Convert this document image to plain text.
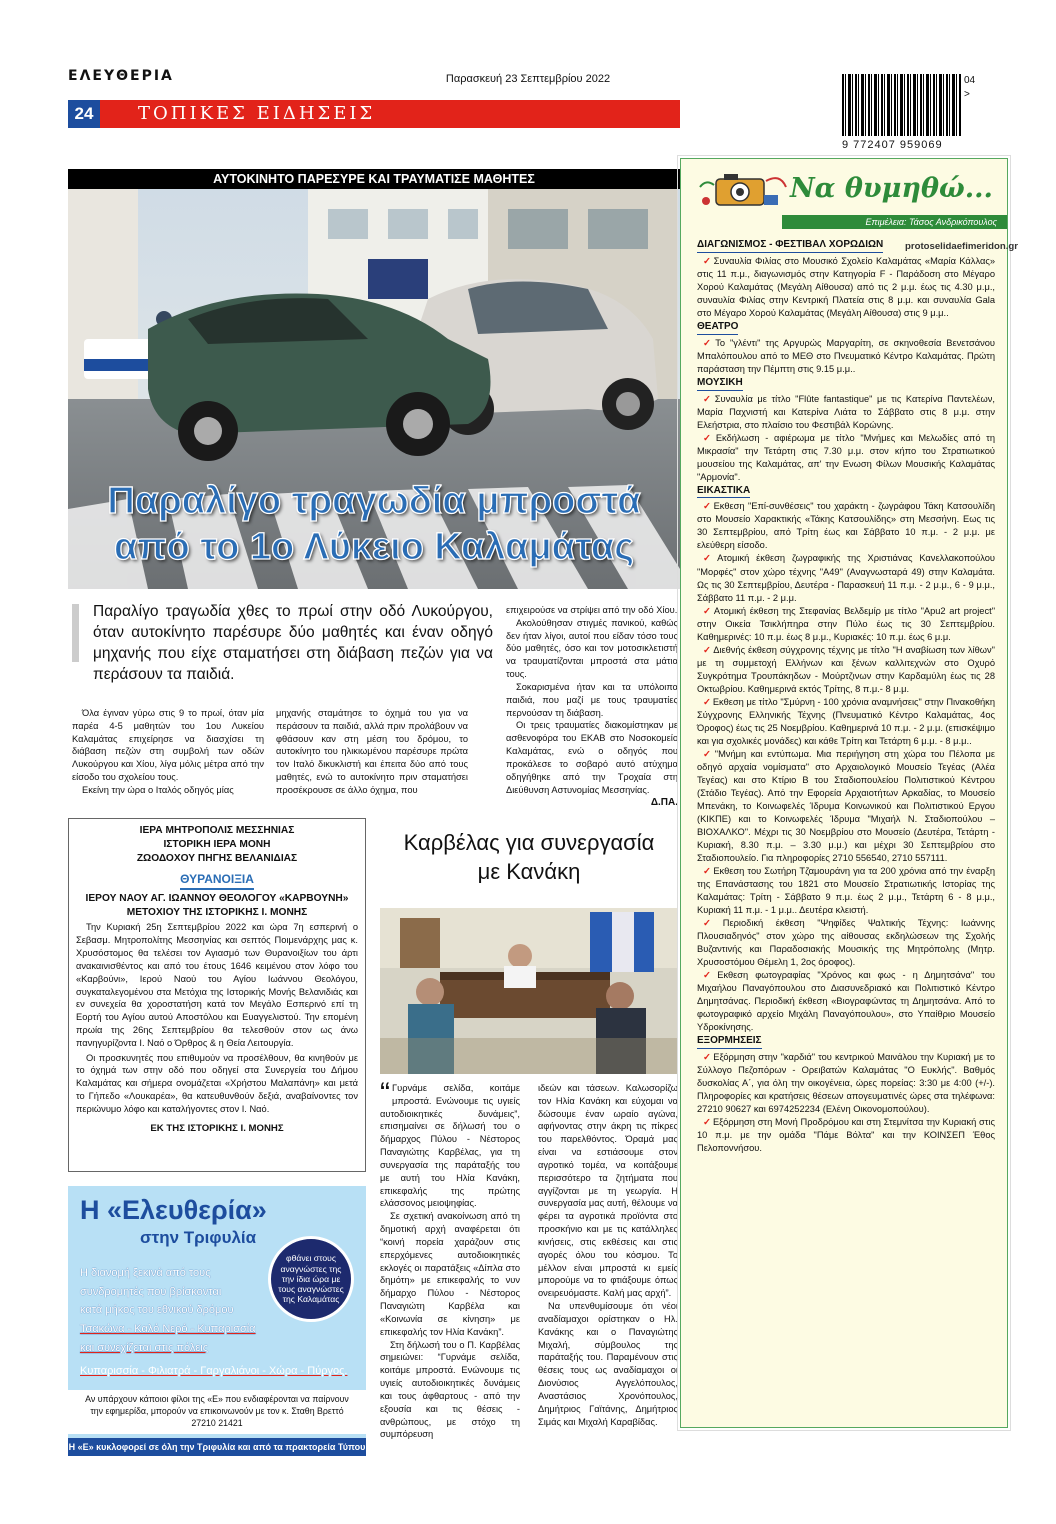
ΕΛΕΥΘΕΡΙΑ	Παρασκευή 23 Σεπτεμβρίου 2022	04 >
9 772407 959069
24	ΤΟΠΙΚΕΣ ΕΙΔΗΣΕΙΣ
ΑΥΤΟΚΙΝΗΤΟ ΠΑΡΕΣΥΡΕ ΚΑΙ ΤΡΑΥΜΑΤΙΣΕ ΜΑΘΗΤΕΣ
Παραλίγο τραγωδία μπροστά
από το 1ο Λύκειο Καλαμάτας
Παραλίγο τραγωδία χθες το πρωί στην οδό Λυκούργου, όταν αυτοκίνητο παρέσυρε δύο μαθητές και έναν οδηγό μηχανής που είχε σταματήσει στη διάβαση πεζών για να περάσουν τα παιδιά.

επιχειρούσε να στρίψει από την οδό Χίου.

Ακολούθησαν στιγμές πανικού, καθώς δεν ήταν λίγοι, αυτοί που είδαν τόσο τους δύο μαθητές, όσο και τον μοτοσικλετιστή να τραυματίζονται μπροστά στα μάτια τους.

Σοκαρισμένα ήταν και τα υπόλοιπα παιδιά, που μαζί με τους τραυματίες περνούσαν τη διάβαση.

Οι τρεις τραυματίες διακομίστηκαν με ασθενοφόρα του ΕΚΑΒ στο Νοσοκομείο Καλαμάτας, ενώ ο οδηγός που προκάλεσε το σοβαρό αυτό ατύχημα οδηγήθηκε από την Τροχαία στη Διεύθυνση Αστυνομίας Μεσσηνίας.

Δ.ΠΑ.

Όλα έγιναν γύρω στις 9 το πρωί, όταν μία παρέα 4-5 μαθητών του 1ου Λυκείου Καλαμάτας επιχείρησε να διασχίσει τη διάβαση πεζών στη συμβολή των οδών Λυκούργου και Χίου, λίγα μόλις μέτρα από την είσοδο του σχολείου τους.

Εκείνη την ώρα ο Ιταλός οδηγός μίας

μηχανής σταμάτησε το όχημά του για να περάσουν τα παιδιά, αλλά πριν προλάβουν να φθάσουν καν στη μέση του δρόμου, το αυτοκίνητο του ηλικιωμένου παρέσυρε πρώτα τον Ιταλό δικυκλιστή και έπειτα δύο από τους μαθητές, ενώ το αυτοκίνητο πριν σταματήσει προσέκρουσε σε άλλο όχημα, που

ΙΕΡΑ ΜΗΤΡΟΠΟΛΙΣ ΜΕΣΣΗΝΙΑΣ
ΙΣΤΟΡΙΚΗ ΙΕΡΑ ΜΟΝΗ
ΖΩΟΔΟΧΟΥ ΠΗΓΗΣ ΒΕΛΑΝΙΔΙΑΣ
ΘΥΡΑΝΟΙΞΙΑ
ΙΕΡΟΥ ΝΑΟΥ ΑΓ. ΙΩΑΝΝΟΥ ΘΕΟΛΟΓΟΥ «ΚΑΡΒΟΥΝΗ»
ΜΕΤΟΧΙΟΥ ΤΗΣ ΙΣΤΟΡΙΚΗΣ Ι. ΜΟΝΗΣ

Την Κυριακή 25η Σεπτεμβρίου 2022 και ώρα 7η εσπερινή ο Σεβασμ. Μητροπολίτης Μεσσηνίας και σεπτός Ποιμενάρχης μας κ. Χρυσόστομος θα τελέσει τον Αγιασμό των Θυρανοιξίων του άρτι ανακαινισθέντος και από του έτους 1646 κειμένου στον λόφο του «Καρβούνι», Ιερού Ναού του Αγίου Ιωάννου Θεολόγου, συγκαταλεγομένου στα Μετόχια της Ιστορικής Μονής Βελανιδιάς και εν συνεχεία θα χοροστατήση κατά τον Μεγάλο Εσπερινό επί τη Εορτή του Αγίου αυτού Αποστόλου και Ευαγγελιστού. Την επομένη πρωία της 26ης Σεπτεμβρίου θα τελεσθούν στον ως άνω πανηγυρίζοντα Ι. Ναό ο Όρθρος & η Θεία Λειτουργία.

Οι προσκυνητές που επιθυμούν να προσέλθουν, θα κινηθούν με το όχημά των στην οδό που οδηγεί στα Συνεργεία του Δήμου Καλαμάτας και σήμερα ονομάζεται «Χρήστου Μαλαπάνη» και μετά το Γήπεδο «Λουκαρέα», θα κατευθυνθούν δεξιά, αναβαίνοντες τον περιώνυμο λόφο και καταλήγοντες στον Ι. Ναό.

ΕΚ ΤΗΣ ΙΣΤΟΡΙΚΗΣ Ι. ΜΟΝΗΣ
Η «Ελευθερία»
στην Τριφυλία
Η διανομή ξεκινά από τους
συνδρομητές που βρίσκονται
κατά μήκος του εθνικού δρόμου
Τσακώνα - Καλό Νερό - Κυπαρισσία
και συνεχίζεται στις πόλεις
Κυπαρισσία - Φιλιατρά - Γαργαλιάνοι - Χώρα - Πύργος.
φθάνει στους αναγνώστες της την ίδια ώρα με τους αναγνώστες της Καλαμάτας
Αν υπάρχουν κάποιοι φίλοι της «Ε» που ενδιαφέρονται να παίρνουν την εφημερίδα, μπορούν να επικοινωνούν με τον κ. Σταθη Βρεττό 27210 21421
Η «Ε» κυκλοφορεί σε όλη την Τριφυλία και από τα πρακτορεία Τύπου
Καρβέλας για συνεργασία
με Κανάκη

“ Γυρνάμε σελίδα, κοιτάμε μπροστά. Ενώνουμε τις υγιείς αυτοδιοικητικές δυνάμεις”, επισημαίνει σε δήλωσή του ο δήμαρχος Πύλου - Νέστορος Παναγιώτης Καρβέλας, για τη συνεργασία της παράταξής του με αυτή του Ηλία Κανάκη, επικεφαλής της πρώτης ελάσσονος μειοψηφίας.

Σε σχετική ανακοίνωση από τη δημοτική αρχή αναφέρεται ότι “κοινή πορεία χαράζουν στις επερχόμενες αυτοδιοικητικές εκλογές οι παρατάξεις «Δίπλα στο δημότη» με επικεφαλής το νυν δήμαρχο Πύλου - Νέστορος Παναγιώτη Καρβέλα και «Κοινωνία σε κίνηση» με επικεφαλής τον Ηλία Κανάκη”.

Στη δήλωσή του ο Π. Καρβέλας σημειώνει: “Γυρνάμε σελίδα, κοιτάμε μπροστά. Ενώνουμε τις υγιείς αυτοδιοικητικές δυνάμεις και τους άφθαρτους - από την εξουσία και τις θέσεις - ανθρώπους, με στόχο τη συμπόρευση

ιδεών και τάσεων. Καλωσορίζω τον Ηλία Κανάκη και εύχομαι να δώσουμε έναν ωραίο αγώνα, αφήνοντας στην άκρη τις πίκρες του παρελθόντος. Όραμά μας είναι να εστιάσουμε στον αγροτικό τομέα, να κοιτάξουμε περισσότερο τα ζητήματα που αγγίζονται με τη γεωργία. Η συνεργασία μας αυτή, θέλουμε να φέρει τα αγροτικά προϊόντα στο προσκήνιο και με τις κατάλληλες κινήσεις, στις εκθέσεις και στις αγορές όλου του κόσμου. Το μέλλον είναι μπροστά κι εμείς μπορούμε να το φτιάξουμε όπως ονειρευόμαστε. Καλή μας αρχή”.

Να υπενθυμίσουμε ότι νέοι αναδίαμαχοι ορίστηκαν ο Ηλ. Κανάκης και ο Παναγιώτης Μιχαλή, σύμβουλος της παράταξής του. Παραμένουν στις θέσεις τους ως αναδίαμαχοι οι Διονύσιος Αγγελόπουλος, Αναστάσιος Χρονόπουλος, Δημήτριος Γαϊτάνης, Δημήτριος Σιμάς και Μιχαλή Καραβίδας.

Να θυμηθώ...
Επιμέλεια: Τάσος Ανδρικόπουλος
protoselidaefimeridon.gr
ΔΙΑΓΩΝΙΣΜΟΣ - ΦΕΣΤΙΒΑΛ ΧΟΡΩΔΙΩΝ

✓ Συναυλία Φιλίας στο Μουσικό Σχολείο Καλαμάτας «Μαρία Κάλλας» στις 11 π.μ., διαγωνισμός στην Κατηγορία F - Παράδοση στο Μέγαρο Χορού Καλαμάτας (Μεγάλη Αίθουσα) από τις 2 μ.μ. έως τις 4.30 μ.μ., συναυλία Φιλίας στην Κεντρική Πλατεία στις 8 μ.μ. και συναυλία Gala στο Μέγαρο Χορού Καλαμάτας (Μεγάλη Αίθουσα) στις 9 μ.μ..

ΘΕΑΤΡΟ

✓ Το "γλέντι" της Αργυρώς Μαργαρίτη, σε σκηνοθεσία Βενετσάνου Μπαλόπουλου από το ΜΕΘ στο Πνευματικό Κέντρο Καλαμάτας. Πρώτη παράσταση την Πέμπτη στις 9.15 μ.μ..

ΜΟΥΣΙΚΗ

✓ Συναυλία με τίτλο "Flûte fantastique" με τις Κατερίνα Παντελέων, Μαρία Παχνιστή και Κατερίνα Λιάτα το Σάββατο στις 8 μ.μ. στην Ελεήστρια, στο πλαίσιο του Φεστιβάλ Κορώνης.

✓ Εκδήλωση - αφιέρωμα με τίτλο "Μνήμες και Μελωδίες από τη Μικρασία" την Τετάρτη στις 7.30 μ.μ. στον κήπο του Στρατιωτικού μουσείου της Καλαμάτας, απ' την Ενωση Φίλων Μουσικής Καλαμάτας "Αρμονία".

ΕΙΚΑΣΤΙΚΑ

✓ Εκθεση "Επί-συνθέσεις" του χαράκτη - ζωγράφου Τάκη Κατσουλίδη στο Μουσείο Χαρακτικής «Τάκης Κατσουλίδης» στη Μεσσήνη. Εως τις 30 Σεπτεμβρίου, από Τρίτη έως και Σάββατο 10 π.μ. - 2 μ.μ. με ελεύθερη είσοδο.

✓ Ατομική έκθεση ζωγραφικής της Χριστιάνας Κανελλακοπούλου "Μορφές" στον χώρο τέχνης "Α49" (Αναγνωσταρά 49) στην Καλαμάτα. Ως τις 30 Σεπτεμβρίου, Δευτέρα - Παρασκευή 11 π.μ. - 2 μ.μ., 6 - 9 μ.μ., Σάββατο 11 π.μ. - 2 μ.μ.

✓ Ατομική έκθεση της Στεφανίας Βελδεμίρ με τίτλο "Apu2 art project" στην Οικεία Τσικλήπηρα στην Πύλο έως τις 30 Σεπτεμβρίου. Καθημερινές: 10 π.μ. έως 8 μ.μ., Κυριακές: 10 π.μ. έως 6 μ.μ.

✓ Διεθνής έκθεση σύγχρονης τέχνης με τίτλο "Η αναβίωση των λίθων" με τη συμμετοχή Ελλήνων και ξένων καλλιτεχνών στο Οχυρό Συγκρότημα Τρουπάκηδων - Μούρτζινων στην Καρδαμύλη έως τις 28 Οκτωβρίου. Καθημερινά εκτός Τρίτης, 8 π.μ.- 8 μ.μ.

✓ Εκθεση με τίτλο "Σμύρνη - 100 χρόνια αναμνήσεις" στην Πινακοθήκη Σύγχρονης Ελληνικής Τέχνης (Πνευματικό Κέντρο Καλαμάτας, 4ος Όροφος) έως τις 25 Νοεμβρίου. Καθημερινά 10 π.μ. - 2 μ.μ. (επισκέψιμο και για σχολικές μονάδες) και κάθε Τρίτη και Τετάρτη 6 μ.μ. - 8 μ.μ..

✓ "Μνήμη και εντύπωμα. Μια περιήγηση στη χώρα του Πέλοπα με οδηγό αρχαία νομίσματα" στο Αρχαιολογικό Μουσείο Τεγέας (Αλέα Τεγέας) και στο Κτίριο Β του Σταδιοπουλείου Πολιτιστικού Κέντρου (Στάδιο Τεγέας). Από την Εφορεία Αρχαιοτήτων Αρκαδίας, το Μουσείο Μπενάκη, το Κοινωφελές Ίδρυμα Κοινωνικού και Πολιτιστικού Εργου (ΚΙΚΠΕ) και το Κοινωφελές Ίδρυμα "Μιχαήλ Ν. Σταδιοπούλου – ΒΙΟΧΑΛΚΟ". Μέχρι τις 30 Νοεμβρίου στο Μουσείο (Δευτέρα, Τετάρτη - Κυριακή, 8.30 π.μ. – 3.30 μ.μ.) και μέχρι 30 Σεπτεμβρίου στο Σταδιοπουλείο. Για πληροφορίες 2710 556540, 2710 557111.

✓ Εκθεση του Σωτήρη Τζαμουράνη για τα 200 χρόνια από την έναρξη της Επανάστασης του 1821 στο Μουσείο Στρατιωτικής Ιστορίας της Καλαμάτας: Τρίτη - Σάββατο 9 π.μ. έως 2 μ.μ., Τετάρτη 6 - 8 μ.μ., Κυριακή 11 π.μ. - 1 μ.μ.. Δευτέρα κλειστή.

✓ Περιοδική έκθεση "Ψηφίδες Ψαλτικής Τέχνης: Ιωάννης Πλουσιαδηνός" στον χώρο της αίθουσας εκδηλώσεων της Σχολής Βυζαντινής και Παραδοσιακής Μουσικής της Μητρόπολης (Μητρ. Χρυσοστόμου Θέμελη 1, 2ος όροφος).

✓ Εκθεση φωτογραφίας "Χρόνος και φως - η Δημητσάνα" του Μιχαήλου Παναγόπουλου στο Διασυνεδριακό και Πολιτιστικό Κέντρο Δημητσάνας. Περιοδική έκθεση «Βιογραφώντας τη Δημητσάνα. Από το φωτογραφικό αρχείο Μιχάλη Παναγόπουλου», στο Υπαίθριο Μουσείο Υδροκίνησης.

ΕΞΟΡΜΗΣΕΙΣ

✓ Εξόρμηση στην "καρδιά" του κεντρικού Μαινάλου την Κυριακή με το Σύλλογο Πεζοπόρων - Ορειβατών Καλαμάτας "Ο Ευκλής". Βαθμός δυσκολίας Α΄, για όλη την οικογένεια, ώρες πορείας: 3:30 με 4:00 (+/-). Πληροφορίες και κρατήσεις θέσεων απογευματινές ώρες στα τηλέφωνα: 27210 90627 και 6974252234 (Ελένη Οικονομοπούλου).

✓ Εξόρμηση στη Μονή Προδρόμου και στη Στεμνίτσα την Κυριακή στις 10 π.μ. με την ομάδα "Πάμε Βόλτα" και την ΚΟΙΝΣΕΠ Έθος Πελοποννήσου.
